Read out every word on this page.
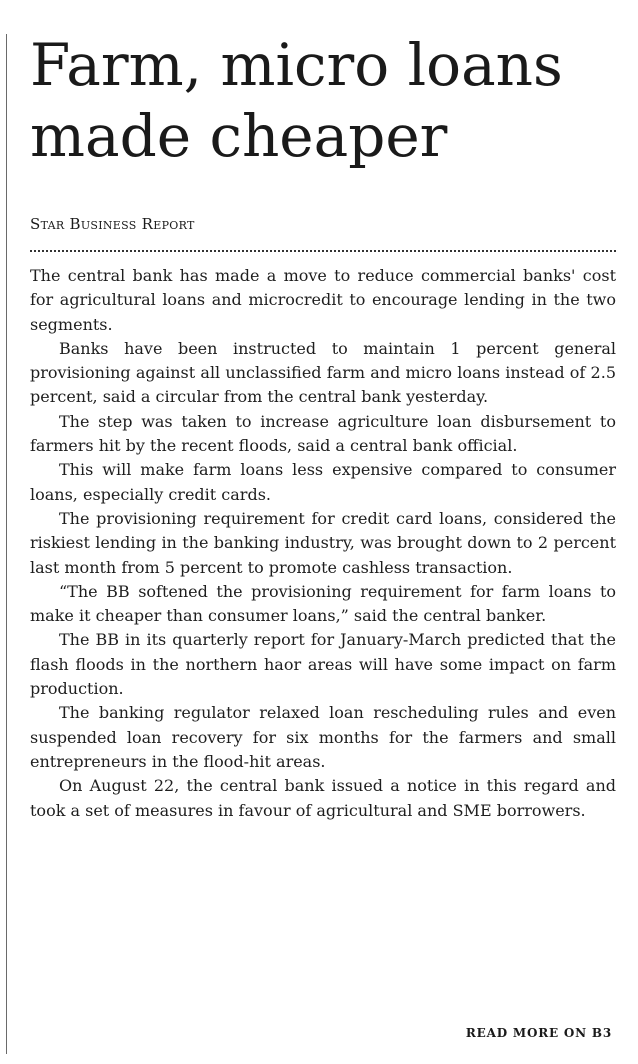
Farm, micro loans
made cheaper

Star Business Report

The central bank has made a move to reduce commercial banks' cost for agricultural loans and microcredit to encourage lending in the two segments.

Banks have been instructed to maintain 1 percent general provisioning against all unclassified farm and micro loans instead of 2.5 percent, said a circular from the central bank yesterday.

The step was taken to increase agriculture loan disbursement to farmers hit by the recent floods, said a central bank official.

This will make farm loans less expensive compared to consumer loans, especially credit cards.

The provisioning requirement for credit card loans, considered the riskiest lending in the banking industry, was brought down to 2 percent last month from 5 percent to promote cashless transaction.

“The BB softened the provisioning requirement for farm loans to make it cheaper than consumer loans,” said the central banker.

The BB in its quarterly report for January-March predicted that the flash floods in the northern haor areas will have some impact on farm production.

The banking regulator relaxed loan rescheduling rules and even suspended loan recovery for six months for the farmers and small entrepreneurs in the flood-hit areas.

On August 22, the central bank issued a notice in this regard and took a set of measures in favour of agricultural and SME borrowers.

READ MORE ON B3
